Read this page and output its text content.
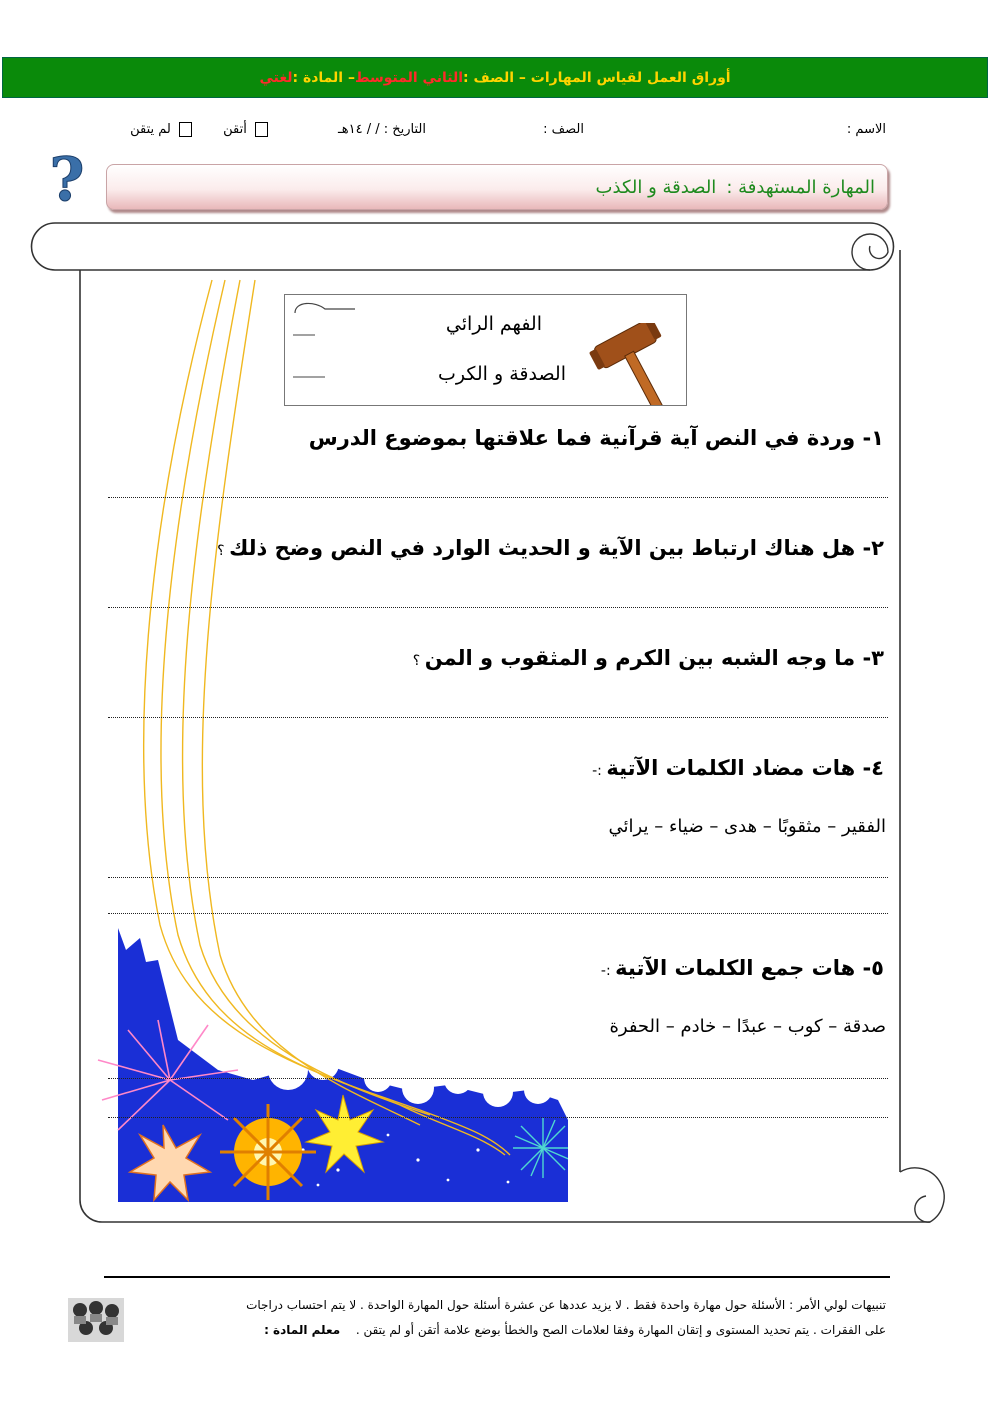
أوراق العمل لقياس المهارات – الصف :
الثاني المتوسط
– المادة :
لغتي
الاسم :
الصف :
التاريخ : / / ١٤هـ
أتقن
لم يتقن
?	المهارة المستهدفة :
الصدقة و الكذب
الفهم الرائي
الصدقة و الكرب
١- وردة في النص آية قرآنية فما علاقتها بموضوع الدرس
٢- هل هناك ارتباط بين الآية و الحديث الوارد في النص وضح ذلك ؟
٣- ما وجه الشبه بين الكرم و المثقوب و المن ؟
٤- هات مضاد الكلمات الآتية :-
الفقير – مثقوبًا – هدى – ضياء – يرائي
٥- هات جمع الكلمات الآتية :-
صدقة – كوب – عبدًا – خادم – الحفرة
تنبيهات لولي الأمر : الأسئلة حول مهارة واحدة فقط . لا يزيد عددها عن عشرة أسئلة حول المهارة الواحدة . لا يتم احتساب دراجات
على الفقرات . يتم تحديد المستوى و إتقان المهارة وفقا لعلامات الصح والخطأ بوضع علامة أتقن أو لم يتقن .  معلم المادة :
